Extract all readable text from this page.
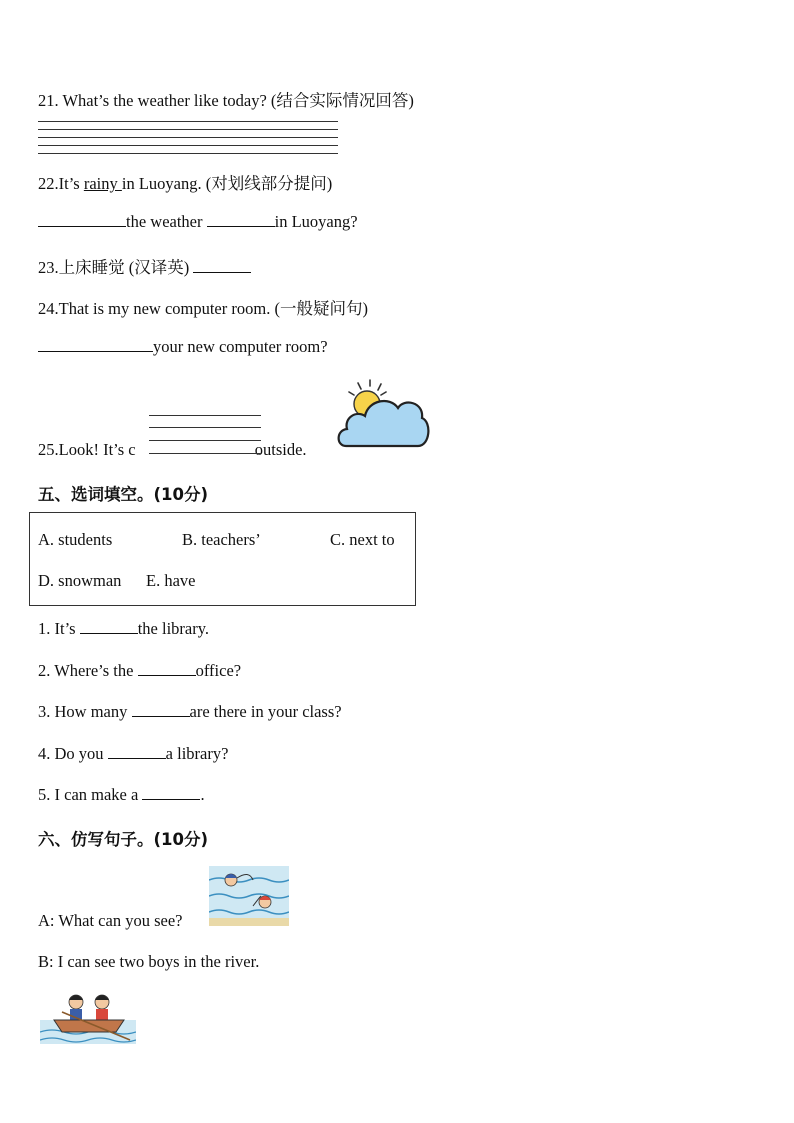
21. What’s the weather like today? (结合实际情况回答)
22.It’s rainy in Luoyang. (对划线部分提问)
the weather	in Luoyang?
23.上床睡觉 (汉译英)
24.That is my new computer room. (一般疑问句)
your new computer room?
25.Look! It’s c	outside.
五、选词填空。(10分)
A. students	B. teachers’	C. next to
D. snowman E. have
1. It’s	the library.
2. Where’s the	office?
3. How many	are there in your class?
4. Do you	a library?
5. I can make a	.
六、仿写句子。(10分)
A: What can you see?
B: I can see two boys in the river.
